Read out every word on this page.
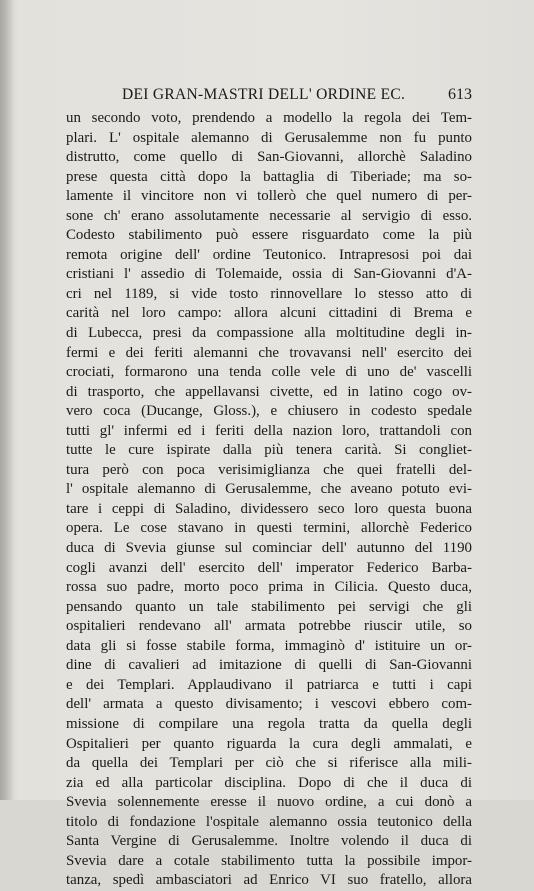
DEI GRAN-MASTRI DELL' ORDINE EC.	613
un secondo voto, prendendo a modello la regola dei Tem-
plari. L' ospitale alemanno di Gerusalemme non fu punto
distrutto, come quello di San-Giovanni, allorchè Saladino
prese questa città dopo la battaglia di Tiberiade; ma so-
lamente il vincitore non vi tollerò che quel numero di per-
sone ch' erano assolutamente necessarie al servigio di esso.
Codesto stabilimento può essere risguardato come la più
remota origine dell' ordine Teutonico. Intrapresosi poi dai
cristiani l' assedio di Tolemaide, ossia di San-Giovanni d'A-
cri nel 1189, si vide tosto rinnovellare lo stesso atto di
carità nel loro campo: allora alcuni cittadini di Brema e
di Lubecca, presi da compassione alla moltitudine degli in-
fermi e dei feriti alemanni che trovavansi nell' esercito dei
crociati, formarono una tenda colle vele di uno de' vascelli
di trasporto, che appellavansi civette, ed in latino cogo ov-
vero coca (Ducange, Gloss.), e chiusero in codesto spedale
tutti gl' infermi ed i feriti della nazion loro, trattandoli con
tutte le cure ispirate dalla più tenera carità. Si congliet-
tura però con poca verisimiglianza che quei fratelli del-
l' ospitale alemanno di Gerusalemme, che aveano potuto evi-
tare i ceppi di Saladino, dividessero seco loro questa buona
opera. Le cose stavano in questi termini, allorchè Federico
duca di Svevia giunse sul cominciar dell' autunno del 1190
cogli avanzi dell' esercito dell' imperator Federico Barba-
rossa suo padre, morto poco prima in Cilicia. Questo duca,
pensando quanto un tale stabilimento pei servigi che gli
ospitalieri rendevano all' armata potrebbe riuscir utile, so
data gli si fosse stabile forma, immaginò d' istituire un or-
dine di cavalieri ad imitazione di quelli di San-Giovanni
e dei Templari. Applaudivano il patriarca e tutti i capi
dell' armata a questo divisamento; i vescovi ebbero com-
missione di compilare una regola tratta da quella degli
Ospitalieri per quanto riguarda la cura degli ammalati, e
da quella dei Templari per ciò che si riferisce alla mili-
zia ed alla particolar disciplina. Dopo di che il duca di
Svevia solennemente eresse il nuovo ordine, a cui donò a
titolo di fondazione l'ospitale alemanno ossia teutonico della
Santa Vergine di Gerusalemme. Inoltre volendo il duca di
Svevia dare a cotale stabilimento tutta la possibile impor-
tanza, spedì ambasciatori ad Enrico VI suo fratello, allora
